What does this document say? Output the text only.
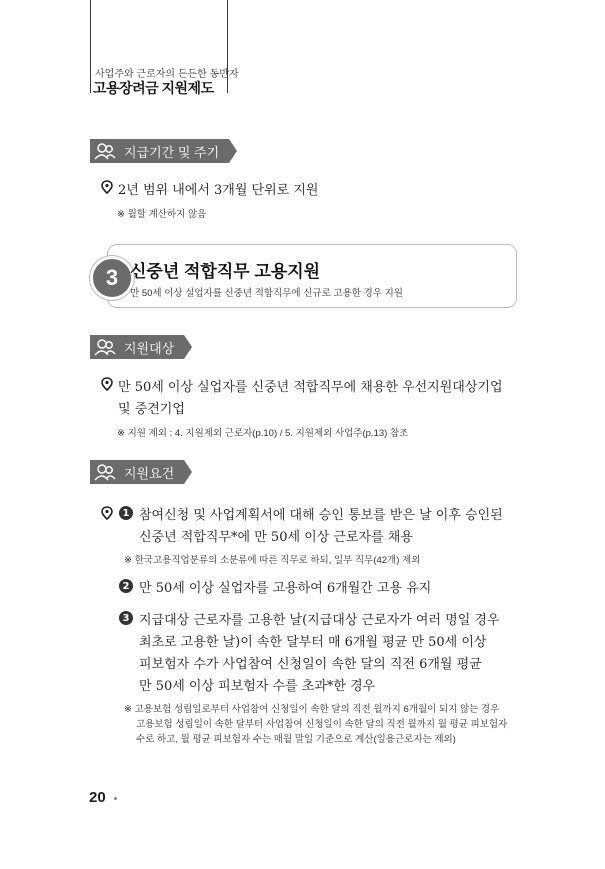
사업주와 근로자의 든든한 동반자
고용장려금 지원제도
지급기간 및 주기
2년 범위 내에서 3개월 단위로 지원
※ 월할 계산하지 않음
3 신중년 적합직무 고용지원
만 50세 이상 실업자를 신중년 적합직무에 신규로 고용한 경우 지원
지원대상
만 50세 이상 실업자를 신중년 적합직무에 채용한 우선지원대상기업
및 중견기업
※ 지원 제외 : 4. 지원제외 근로자(p.10) / 5. 지원제외 사업주(p.13) 참조
지원요건
1 참여신청 및 사업계획서에 대해 승인 통보를 받은 날 이후 승인된
신중년 적합직무*에 만 50세 이상 근로자를 채용
※ 한국고용직업분류의 소분류에 따른 직무로 하되, 일부 직무(42개) 제외
2 만 50세 이상 실업자를 고용하여 6개월간 고용 유지
3 지급대상 근로자를 고용한 날(지급대상 근로자가 여러 명일 경우
최초로 고용한 날)이 속한 달부터 매 6개월 평균 만 50세 이상
피보험자 수가 사업참여 신청일이 속한 달의 직전 6개월 평균
만 50세 이상 피보험자 수를 초과*한 경우
※ 고용보험 성립일로부터 사업참여 신청일이 속한 달의 직전 월까지 6개월이 되지 않는 경우
고용보험 성립일이 속한 달부터 사업참여 신청일이 속한 달의 직전 월까지 월 평균 피보험자
수로 하고, 월 평균 피보험자 수는 매월 말일 기준으로 계산(일용근로자는 제외)
20
